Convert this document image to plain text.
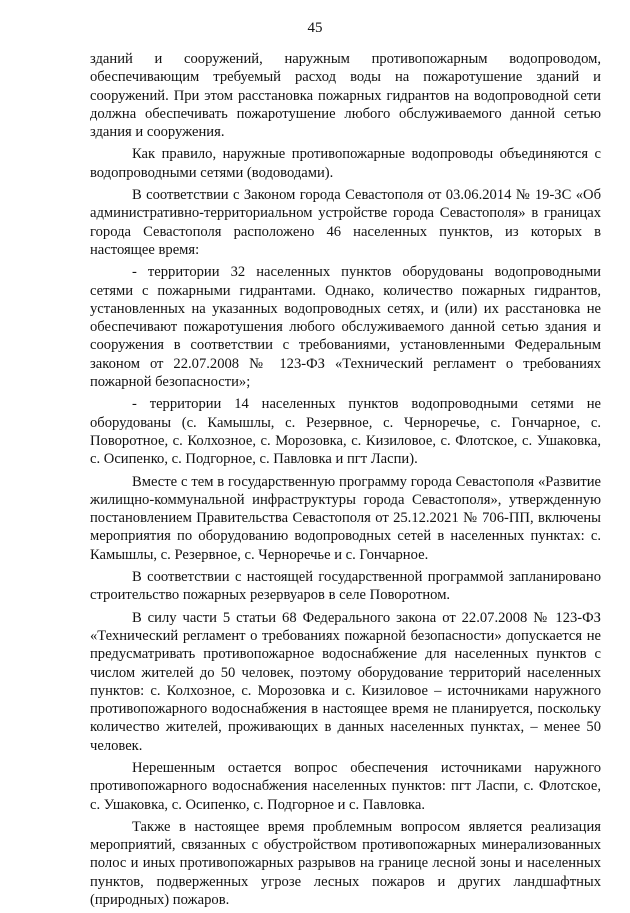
45

зданий и сооружений, наружным противопожарным водопроводом, обеспечивающим требуемый расход воды на пожаротушение зданий и сооружений. При этом расстановка пожарных гидрантов на водопроводной сети должна обеспечивать пожаротушение любого обслуживаемого данной сетью здания и сооружения.

Как правило, наружные противопожарные водопроводы объединяются с водопроводными сетями (водоводами).

В соответствии с Законом города Севастополя от 03.06.2014 № 19-ЗС «Об административно-территориальном устройстве города Севастополя» в границах города Севастополя расположено 46 населенных пунктов, из которых в настоящее время:

- территории 32 населенных пунктов оборудованы водопроводными сетями с пожарными гидрантами. Однако, количество пожарных гидрантов, установленных на указанных водопроводных сетях, и (или) их расстановка не обеспечивают пожаротушения любого обслуживаемого данной сетью здания и сооружения в соответствии с требованиями, установленными Федеральным законом от 22.07.2008 № 123-ФЗ «Технический регламент о требованиях пожарной безопасности»;

- территории 14 населенных пунктов водопроводными сетями не оборудованы (с. Камышлы, с. Резервное, с. Черноречье, с. Гончарное, с. Поворотное, с. Колхозное, с. Морозовка, с. Кизиловое, с. Флотское, с. Ушаковка, с. Осипенко, с. Подгорное, с. Павловка и пгт Ласпи).

Вместе с тем в государственную программу города Севастополя «Развитие жилищно-коммунальной инфраструктуры города Севастополя», утвержденную постановлением Правительства Севастополя от 25.12.2021 № 706-ПП, включены мероприятия по оборудованию водопроводных сетей в населенных пунктах: с. Камышлы, с. Резервное, с. Черноречье и с. Гончарное.

В соответствии с настоящей государственной программой запланировано строительство пожарных резервуаров в селе Поворотном.

В силу части 5 статьи 68 Федерального закона от 22.07.2008 № 123-ФЗ «Технический регламент о требованиях пожарной безопасности» допускается не предусматривать противопожарное водоснабжение для населенных пунктов с числом жителей до 50 человек, поэтому оборудование территорий населенных пунктов: с. Колхозное, с. Морозовка и с. Кизиловое – источниками наружного противопожарного водоснабжения в настоящее время не планируется, поскольку количество жителей, проживающих в данных населенных пунктах, – менее 50 человек.

Нерешенным остается вопрос обеспечения источниками наружного противопожарного водоснабжения населенных пунктов: пгт Ласпи, с. Флотское, с. Ушаковка, с. Осипенко, с. Подгорное и с. Павловка.

Также в настоящее время проблемным вопросом является реализация мероприятий, связанных с обустройством противопожарных минерализованных полос и иных противопожарных разрывов на границе лесной зоны и населенных пунктов, подверженных угрозе лесных пожаров и других ландшафтных (природных) пожаров.
